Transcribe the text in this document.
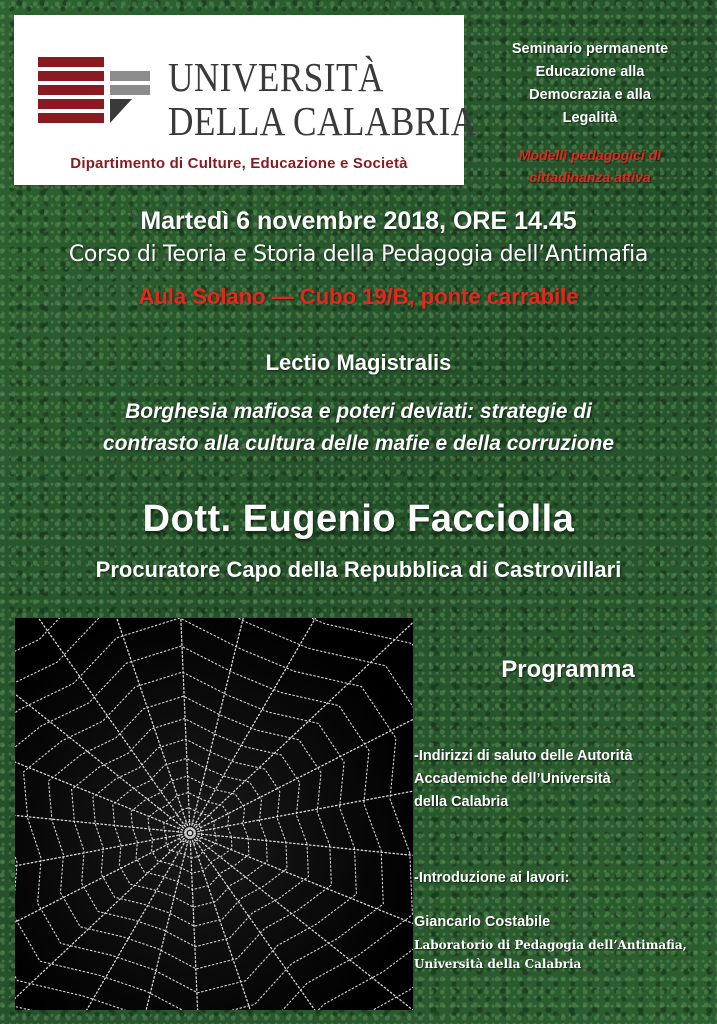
UNIVERSITÀ
DELLA CALABRIA
Dipartimento di Culture, Educazione e Società
Seminario permanente
Educazione alla
Democrazia e alla
Legalità
Modelli pedagogici di
cittadinanza attiva
Martedì 6 novembre 2018, ORE 14.45
Corso di Teoria e Storia della Pedagogia dell’Antimafia
Aula Solano — Cubo 19/B, ponte carrabile
Lectio Magistralis
Borghesia mafiosa e poteri deviati: strategie di
contrasto alla cultura delle mafie e della corruzione
Dott. Eugenio Facciolla
Procuratore Capo della Repubblica di Castrovillari
Programma
-Indirizzi di saluto delle Autorità
Accademiche dell’Università
della Calabria
-Introduzione ai lavori:
Giancarlo Costabile
Laboratorio di Pedagogia dell’Antimafia,
Università della Calabria
